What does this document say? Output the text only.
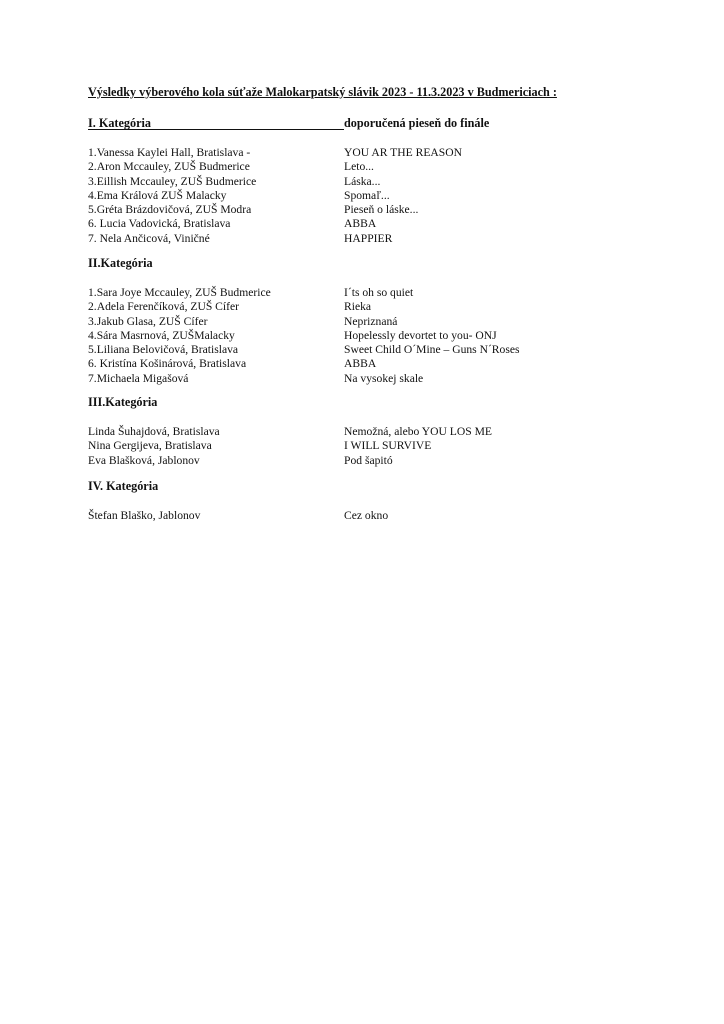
Výsledky výberového kola súťaže Malokarpatský slávik 2023 - 11.3.2023 v Budmericiach :
I. Kategória	doporučená pieseň do finále
1.Vanessa Kaylei Hall, Bratislava -	YOU AR THE REASON
2.Aron Mccauley, ZUŠ Budmerice	Leto...
3.Eillish Mccauley, ZUŠ Budmerice	Láska...
4.Ema Králová ZUŠ Malacky	Spomaľ...
5.Gréta Brázdovičová, ZUŠ Modra	Pieseň o láske...
6. Lucia Vadovická, Bratislava	ABBA
7. Nela Ančicová, Viničné	HAPPIER
II.Kategória
1.Sara Joye Mccauley, ZUŠ Budmerice	I´ts oh so quiet
2.Adela Ferenčíková, ZUŠ Cífer	Rieka
3.Jakub Glasa, ZUŠ Cífer	Nepriznaná
4.Sára Masrnová, ZUŠMalacky	Hopelessly devortet to you- ONJ
5.Liliana Belovičová, Bratislava	Sweet Child O´Mine – Guns N´Roses
6. Kristína Košinárová, Bratislava	ABBA
7.Michaela Migašová	Na vysokej skale
III.Kategória
Linda Šuhajdová, Bratislava	Nemožná, alebo YOU LOS ME
Nina Gergijeva, Bratislava	I WILL SURVIVE
Eva Blašková, Jablonov	Pod šapitó
IV. Kategória
Štefan Blaško, Jablonov	Cez okno
